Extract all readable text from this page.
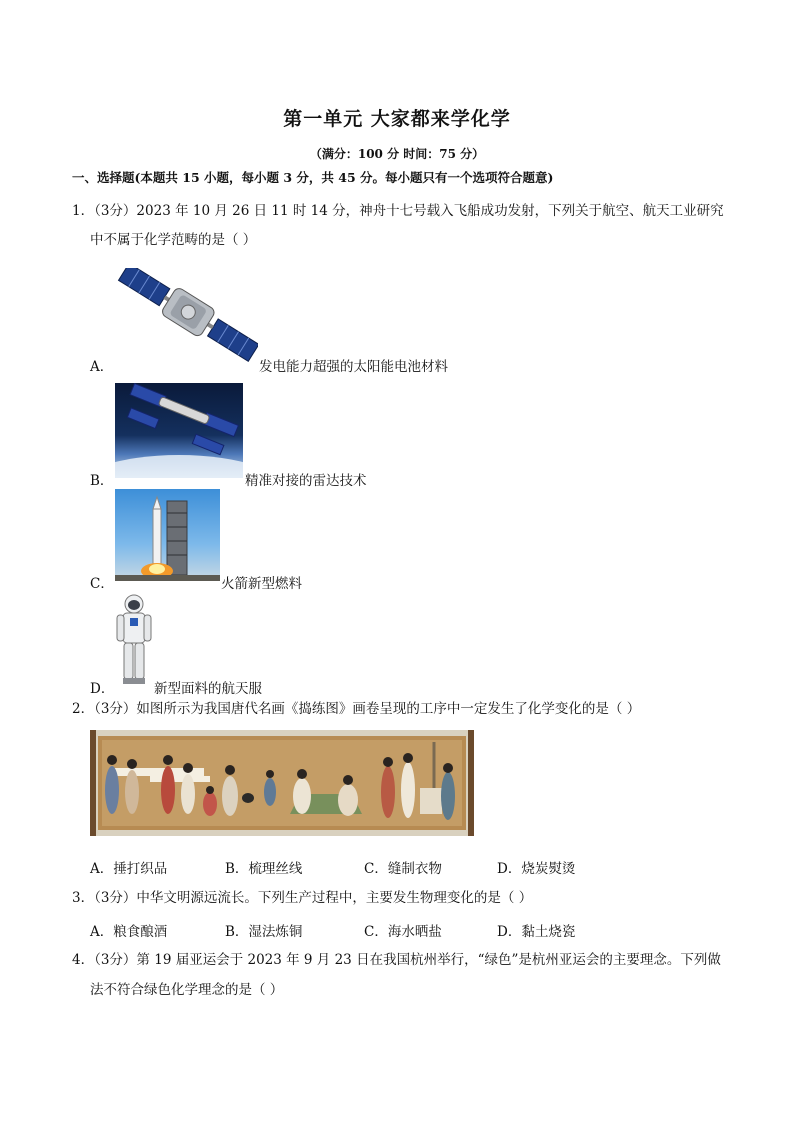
第一单元 大家都来学化学
（满分：100 分 时间：75 分）
一、选择题(本题共 15 小题，每小题 3 分，共 45 分。每小题只有一个选项符合题意)
1．（3分）2023 年 10 月 26 日 11 时 14 分，神舟十七号载入飞船成功发射，下列关于航空、航天工业研究
中不属于化学范畴的是（ ）
A．	发电能力超强的太阳能电池材料
B．	精准对接的雷达技术
C．	火箭新型燃料
D．	新型面料的航天服
2．（3分）如图所示为我国唐代名画《捣练图》画卷呈现的工序中一定发生了化学变化的是（ ）
A．捶打织品	B．梳理丝线	C．缝制衣物	D．烧炭熨烫
3．（3分）中华文明源远流长。下列生产过程中，主要发生物理变化的是（ ）
A．粮食酿酒	B．湿法炼铜	C．海水晒盐	D．黏土烧瓷
4．（3分）第 19 届亚运会于 2023 年 9 月 23 日在我国杭州举行，“绿色”是杭州亚运会的主要理念。下列做
法不符合绿色化学理念的是（ ）
